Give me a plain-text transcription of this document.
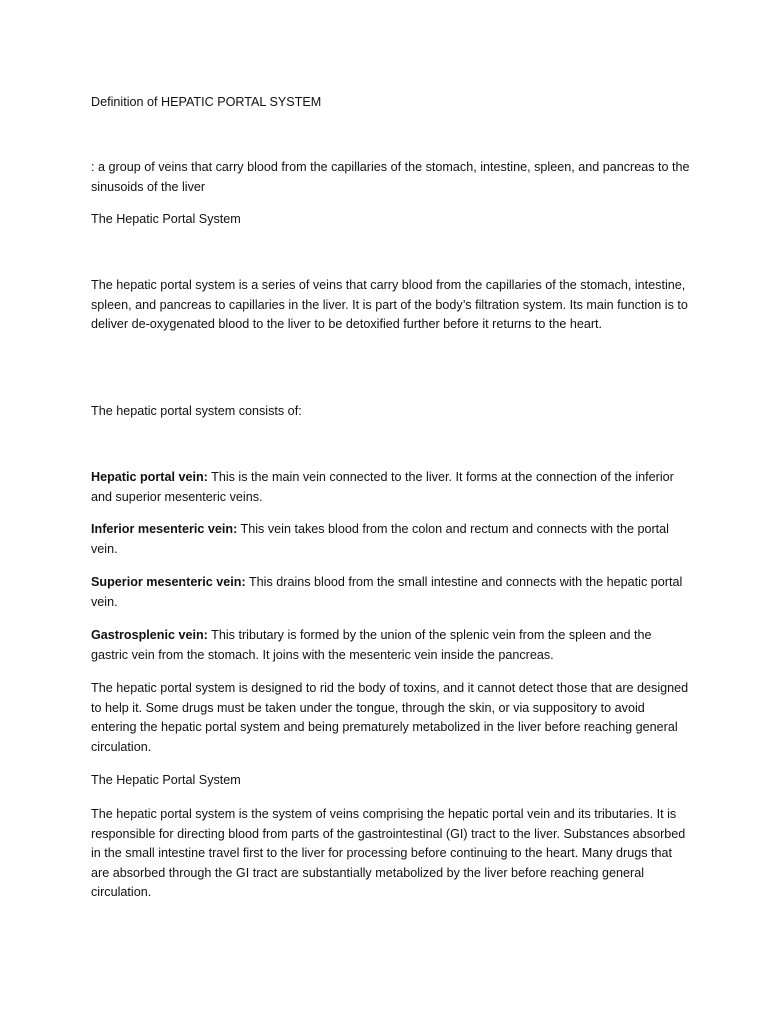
Definition of HEPATIC PORTAL SYSTEM

: a group of veins that carry blood from the capillaries of the stomach, intestine, spleen, and pancreas to the sinusoids of the liver

The Hepatic Portal System

The hepatic portal system is a series of veins that carry blood from the capillaries of the stomach, intestine, spleen, and pancreas to capillaries in the liver. It is part of the body’s filtration system. Its main function is to deliver de-oxygenated blood to the liver to be detoxified further before it returns to the heart.

The hepatic portal system consists of:

Hepatic portal vein: This is the main vein connected to the liver. It forms at the connection of the inferior and superior mesenteric veins.

Inferior mesenteric vein: This vein takes blood from the colon and rectum and connects with the portal vein.

Superior mesenteric vein: This drains blood from the small intestine and connects with the hepatic portal vein.

Gastrosplenic vein: This tributary is formed by the union of the splenic vein from the spleen and the gastric vein from the stomach. It joins with the mesenteric vein inside the pancreas.

The hepatic portal system is designed to rid the body of toxins, and it cannot detect those that are designed to help it. Some drugs must be taken under the tongue, through the skin, or via suppository to avoid entering the hepatic portal system and being prematurely metabolized in the liver before reaching general circulation.

The Hepatic Portal System

The hepatic portal system is the system of veins comprising the hepatic portal vein and its tributaries. It is responsible for directing blood from parts of the gastrointestinal (GI) tract to the liver. Substances absorbed in the small intestine travel first to the liver for processing before continuing to the heart. Many drugs that are absorbed through the GI tract are substantially metabolized by the liver before reaching general circulation.
